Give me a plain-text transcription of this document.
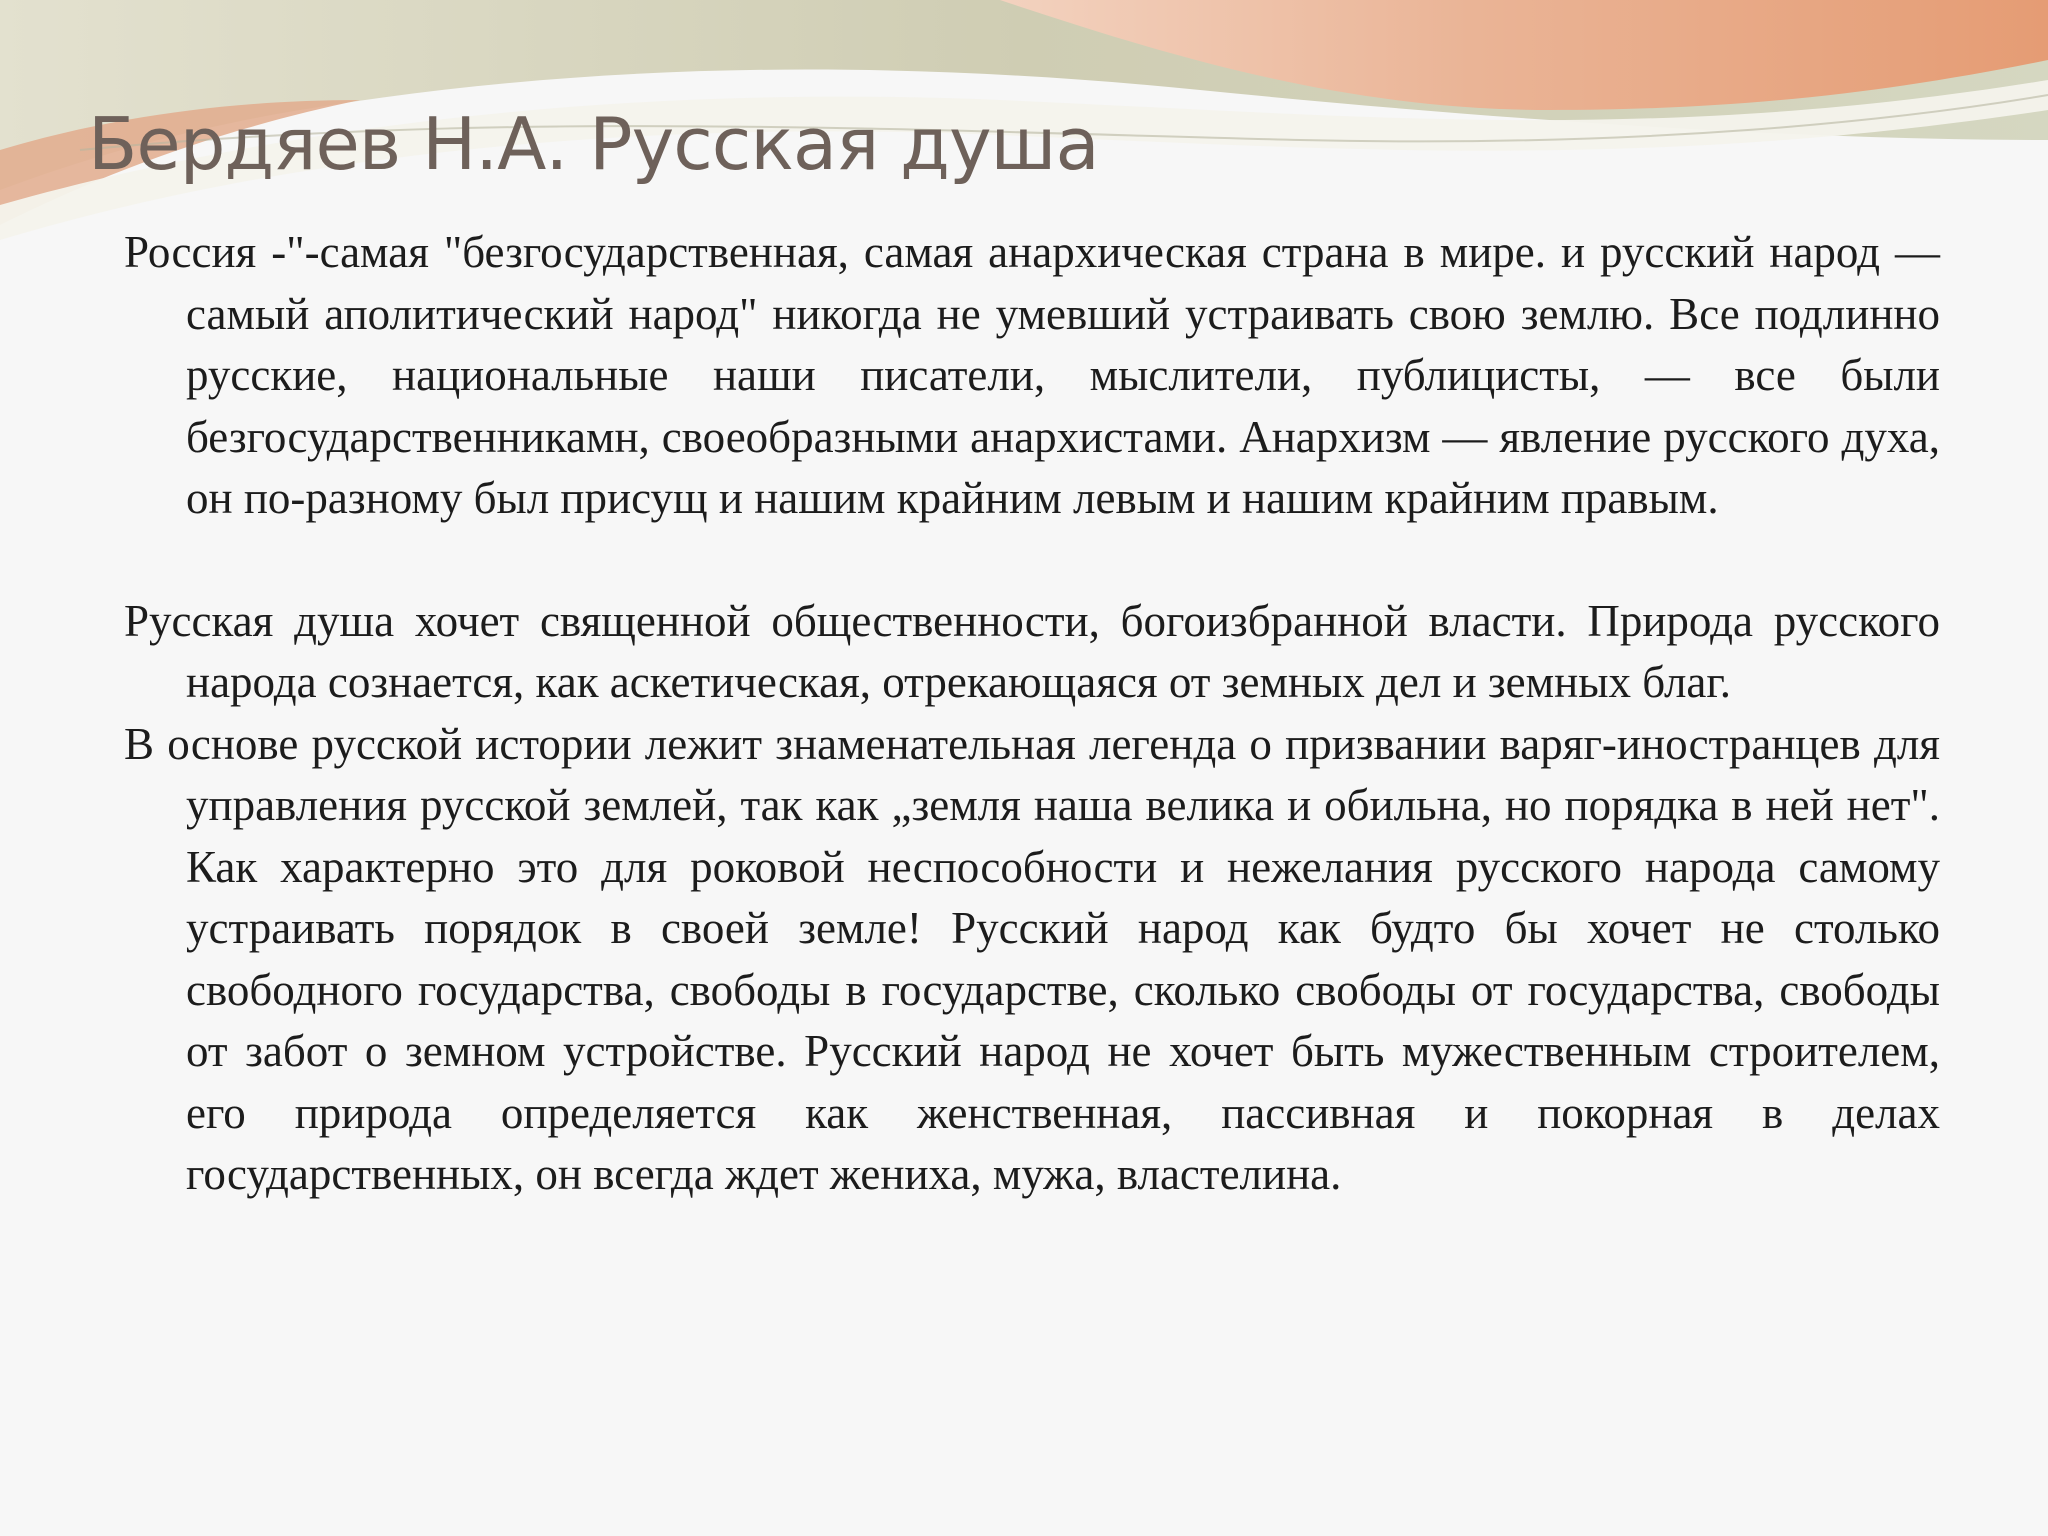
Бердяев Н.А. Русская душа

Россия -"-самая "безгосударственная, самая анархическая страна в мире. и русский народ — самый аполитический народ" никогда не умевший устраивать свою землю. Все подлинно русские, национальные наши писатели, мыслители, публицисты, — все были безгосударственникамн, своеобразными анархистами. Анархизм — явление русского духа, он по-разному был присущ и нашим крайним левым и нашим крайним правым.

Русская душа хочет священной общественности, богоизбранной власти. Природа русского народа сознается, как аскетическая, отрекающаяся от земных дел и земных благ.

В основе русской истории лежит знаменательная легенда о призвании варяг-иностранцев для управления русской землей, так как „земля наша велика и обильна, но порядка в ней нет". Как характерно это для роковой неспособности и нежелания русского народа самому устраивать порядок в своей земле! Русский народ как будто бы хочет не столько свободного государства, свободы в государстве, сколько свободы от государства, свободы от забот о земном устройстве. Русский народ не хочет быть мужественным строителем, его природа определяется как женственная, пассивная и покорная в делах государственных, он всегда ждет жениха, мужа, властелина.
